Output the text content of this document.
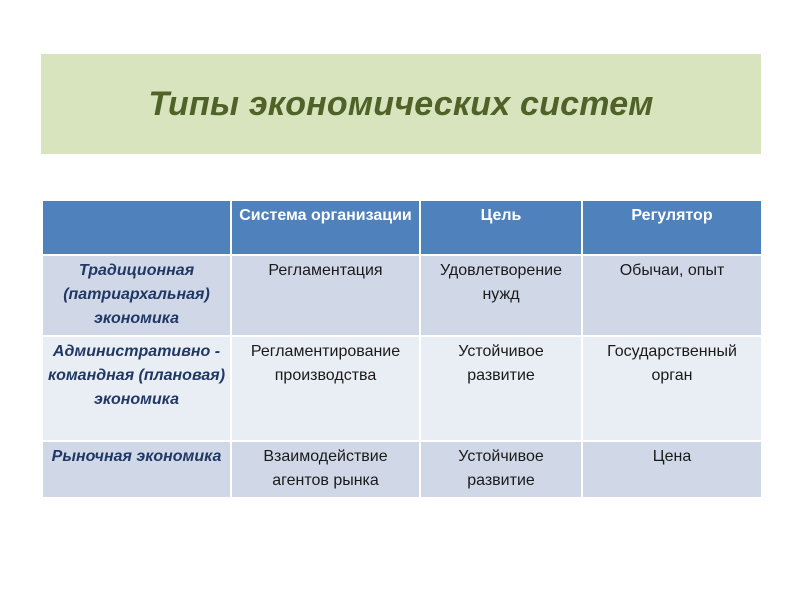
Типы экономических систем
	Система организации	Цель	Регулятор
Традиционная (патриархальная) экономика	Регламентация	Удовлетворение нужд	Обычаи, опыт
Административно - командная (плановая) экономика	Регламентирование производства	Устойчивое развитие	Государственный орган
Рыночная экономика	Взаимодействие агентов рынка	Устойчивое развитие	Цена
